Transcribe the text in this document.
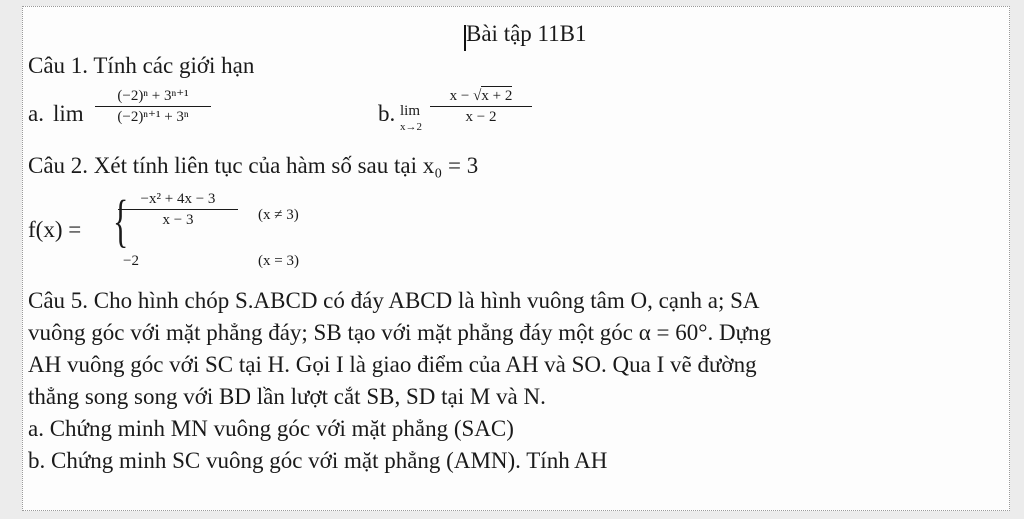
Bài tập 11B1
Câu 1. Tính các giới hạn
a. lim
(−2)ⁿ + 3ⁿ⁺¹
(−2)ⁿ⁺¹ + 3ⁿ	b. lim
x→2
x − √x + 2
x − 2
Câu 2. Xét tính liên tục của hàm số sau tại x₀ = 3
f(x) = { −x² + 4x − 3
x − 3	(x ≠ 3)
−2	(x = 3)
Câu 5. Cho hình chóp S.ABCD có đáy ABCD là hình vuông tâm O, cạnh a; SA
vuông góc với mặt phẳng đáy; SB tạo với mặt phẳng đáy một góc α = 60°. Dựng
AH vuông góc với SC tại H. Gọi I là giao điểm của AH và SO. Qua I vẽ đường
thẳng song song với BD lần lượt cắt SB, SD tại M và N.
a. Chứng minh MN vuông góc với mặt phẳng (SAC)
b. Chứng minh SC vuông góc với mặt phẳng (AMN). Tính AH
